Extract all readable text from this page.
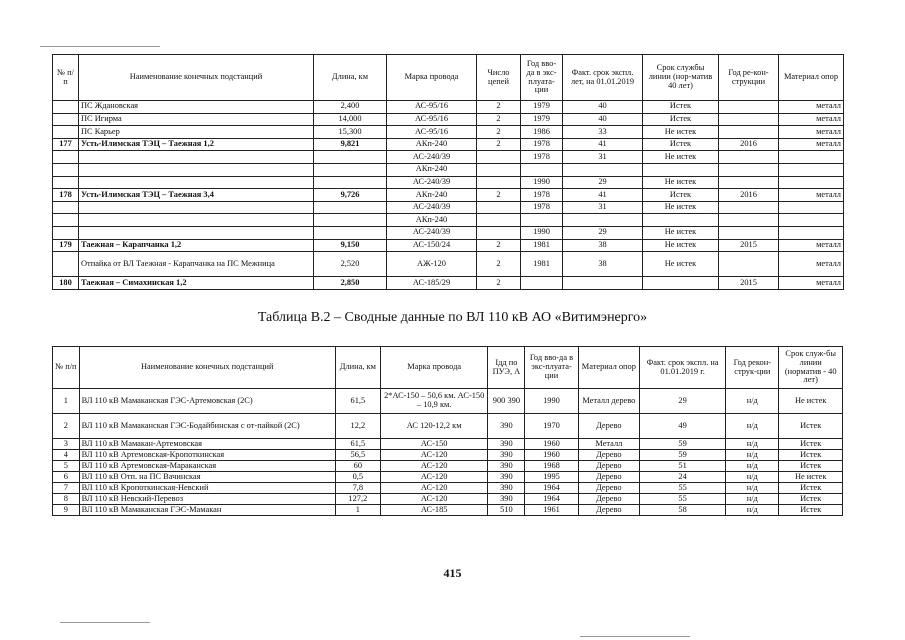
№ п/п	Наименование конечных подстанций	Длина, км	Марка провода	Число цепей	Год вво-да в экс-плуата-ции	Факт. срок экспл. лет, на 01.01.2019	Срок службы линии (нор-матив 40 лет)	Год ре-кон-струкции	Материал опор
	ПС Ждановская	2,400	АС-95/16	2	1979	40	Истек		металл
	ПС Игирма	14,000	АС-95/16	2	1979	40	Истек		металл
	ПС Карьер	15,300	АС-95/16	2	1986	33	Не истек		металл
177	Усть-Илимская ТЭЦ – Таежная 1,2	9,821	АКп-240	2	1978	41	Истек	2016	металл
			АС-240/39		1978	31	Не истек		
			АКп-240						
			АС-240/39		1990	29	Не истек		
178	Усть-Илимская ТЭЦ – Таежная 3,4	9,726	АКп-240	2	1978	41	Истек	2016	металл
			АС-240/39		1978	31	Не истек		
			АКп-240						
			АС-240/39		1990	29	Не истек		
179	Таежная – Карапчанка 1,2	9,150	АС-150/24	2	1981	38	Не истек	2015	металл
	Отпайка от ВЛ Таежная - Карапчанка на ПС Межница	2,520	АЖ-120	2	1981	38	Не истек		металл
180	Таежная – Симахинская 1,2	2,850	АС-185/29	2				2015	металл
Таблица В.2 – Сводные данные по ВЛ 110 кВ АО «Витимэнерго»
№ п/п	Наименование конечных подстанций	Длина, км	Марка провода	Iдд по ПУЭ, А	Год вво-да в экс-плуата-ции	Материал опор	Факт. срок экспл. на 01.01.2019 г.	Год рекон-струк-ции	Срок служ-бы линии (норматив - 40 лет)
1	ВЛ 110 кВ Мамаканская ГЭС-Артемовская (2С)	61,5	2*АС-150 – 50,6 км. АС-150 – 10,9 км.	900 390	1990	Металл дерево	29	н/д	Не истек
2	ВЛ 110 кВ Мамаканская ГЭС-Бодайбинская с от-пайкой (2С)	12,2	АС 120-12,2 км	390	1970	Дерево	49	н/д	Истек
3	ВЛ 110 кВ Мамакан-Артемовская	61,5	АС-150	390	1960	Металл	59	н/д	Истек
4	ВЛ 110 кВ Артемовская-Кропоткинская	56,5	АС-120	390	1960	Дерево	59	н/д	Истек
5	ВЛ 110 кВ Артемовская-Мараканская	60	АС-120	390	1968	Дерево	51	н/д	Истек
6	ВЛ 110 кВ Отп. на ПС Вачинская	0,5	АС-120	390	1995	Дерево	24	н/д	Не истек
7	ВЛ 110 кВ Кропоткинская-Невский	7,8	АС-120	390	1964	Дерево	55	н/д	Истек
8	ВЛ 110 кВ Невский-Перевоз	127,2	АС-120	390	1964	Дерево	55	н/д	Истек
9	ВЛ 110 кВ Мамаканская ГЭС-Мамакан	1	АС-185	510	1961	Дерево	58	н/д	Истек
415
